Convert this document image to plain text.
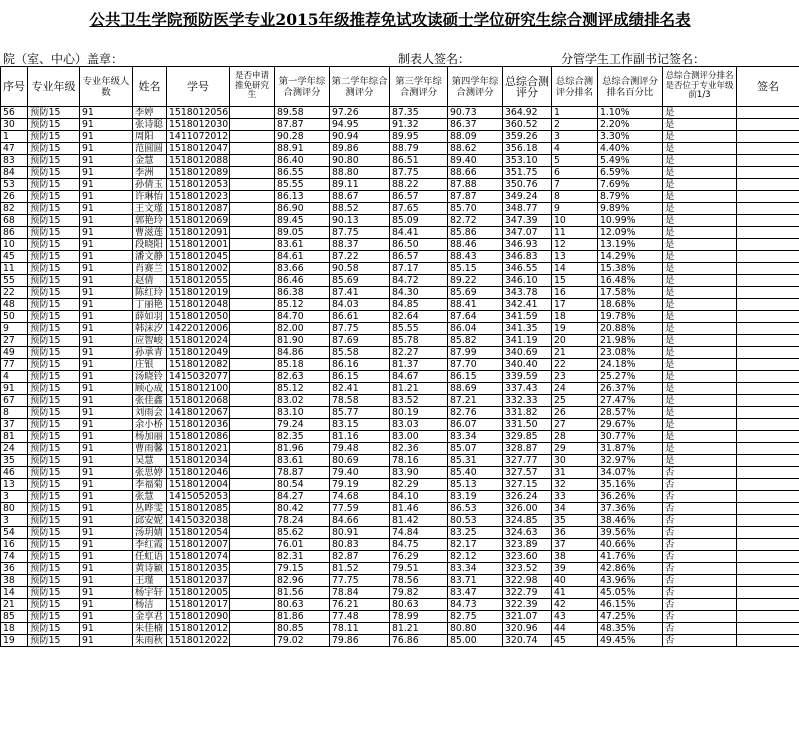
公共卫生学院预防医学专业2015年级推荐免试攻读硕士学位研究生综合测评成绩排名表
院（室、中心）盖章：	制表人签名：	分管学生工作副书记签名：
序号	专业年级	专业年级人数	姓名	学号	是否申请推免研究生	第一学年综合测评分	第二学年综合测评分	第三学年综合测评分	第四学年综合测评分	总综合测评分	总综合测评分排名	总综合测评分排名百分比	总综合测评分排名是否位于专业年级前1/3	签名
56	预防15	91	李婷	1518012056		89.58	97.26	87.35	90.73	364.92	1	1.10%	是	
30	预防15	91	张诗聪	1518012030		87.87	94.95	91.32	86.37	360.52	2	2.20%	是	
1	预防15	91	周阳	1411072012		90.28	90.94	89.95	88.09	359.26	3	3.30%	是	
47	预防15	91	范圆圆	1518012047		88.91	89.86	88.79	88.62	356.18	4	4.40%	是	
83	预防15	91	金慧	1518012088		86.40	90.80	86.51	89.40	353.10	5	5.49%	是	
84	预防15	91	李洲	1518012089		86.55	88.80	87.75	88.66	351.75	6	6.59%	是	
53	预防15	91	孙倩玉	1518012053		85.55	89.11	88.22	87.88	350.76	7	7.69%	是	
26	预防15	91	许琳怡	1518012023		86.13	88.67	86.57	87.87	349.24	8	8.79%	是	
82	预防15	91	王文瑾	1518012087		86.90	88.52	87.65	85.70	348.77	9	9.89%	是	
68	预防15	91	郭艳玲	1518012069		89.45	90.13	85.09	82.72	347.39	10	10.99%	是	
86	预防15	91	曹滋莲	1518012091		89.05	87.75	84.41	85.86	347.07	11	12.09%	是	
10	预防15	91	段晓阳	1518012001		83.61	88.37	86.50	88.46	346.93	12	13.19%	是	
45	预防15	91	潘文静	1518012045		84.61	87.22	86.57	88.43	346.83	13	14.29%	是	
11	预防15	91	肖赛兰	1518012002		83.66	90.58	87.17	85.15	346.55	14	15.38%	是	
55	预防15	91	赵倩	1518012055		86.46	85.69	84.72	89.22	346.10	15	16.48%	是	
22	预防15	91	陈红玲	1518012019		86.38	87.41	84.30	85.69	343.78	16	17.58%	是	
48	预防15	91	丁丽艳	1518012048		85.12	84.03	84.85	88.41	342.41	17	18.68%	是	
50	预防15	91	薛如羽	1518012050		84.70	86.61	82.64	87.64	341.59	18	19.78%	是	
9	预防15	91	韩沫汐	1422012006		82.00	87.75	85.55	86.04	341.35	19	20.88%	是	
27	预防15	91	应智峻	1518012024		81.90	87.69	85.78	85.82	341.19	20	21.98%	是	
49	预防15	91	孙承青	1518012049		84.86	85.58	82.27	87.99	340.69	21	23.08%	是	
77	预防15	91	庄银	1518012082		85.18	86.16	81.37	87.70	340.40	22	24.18%	是	
4	预防15	91	汤晓铃	1415032077		82.63	86.15	84.67	86.15	339.59	23	25.27%	是	
91	预防15	91	顾心成	1518012100		85.12	82.41	81.21	88.69	337.43	24	26.37%	是	
67	预防15	91	张佳鑫	1518012068		83.02	78.58	83.52	87.21	332.33	25	27.47%	是	
8	预防15	91	刘雨会	1418012067		83.10	85.77	80.19	82.76	331.82	26	28.57%	是	
37	预防15	91	余小桥	1518012036		79.24	83.15	83.03	86.07	331.50	27	29.67%	是	
81	预防15	91	杨加丽	1518012086		82.35	81.16	83.00	83.34	329.85	28	30.77%	是	
24	预防15	91	曹雨馨	1518012021		81.96	79.48	82.36	85.07	328.87	29	31.87%	是	
35	预防15	91	吴慧	1518012034		83.61	80.69	78.16	85.31	327.77	30	32.97%	是	
46	预防15	91	张思婷	1518012046		78.87	79.40	83.90	85.40	327.57	31	34.07%	否	
13	预防15	91	李福菊	1518012004		80.54	79.19	82.29	85.13	327.15	32	35.16%	否	
3	预防15	91	张慧	1415052053		84.27	74.68	84.10	83.19	326.24	33	36.26%	否	
80	预防15	91	丛晔雯	1518012085		80.42	77.59	81.46	86.53	326.00	34	37.36%	否	
3	预防15	91	邱安妮	1415032038		78.24	84.66	81.42	80.53	324.85	35	38.46%	否	
54	预防15	91	汤玥婧	1518012054		85.62	80.91	74.84	83.25	324.63	36	39.56%	否	
16	预防15	91	李红霞	1518012007		76.01	80.83	84.75	82.17	323.89	37	40.66%	否	
74	预防15	91	任虹语	1518012074		82.31	82.87	76.29	82.12	323.60	38	41.76%	否	
36	预防15	91	黄诗颖	1518012035		79.15	81.52	79.51	83.34	323.52	39	42.86%	否	
38	预防15	91	王瑾	1518012037		82.96	77.75	78.56	83.71	322.98	40	43.96%	否	
14	预防15	91	杨宇轩	1518012005		81.56	78.84	79.82	83.47	322.79	41	45.05%	否	
21	预防15	91	杨洁	1518012017		80.63	76.21	80.63	84.73	322.39	42	46.15%	否	
85	预防15	91	金享君	1518012090		81.86	77.48	78.99	82.75	321.07	43	47.25%	否	
18	预防15	91	朱佳楠	1518012012		80.85	78.11	81.21	80.80	320.96	44	48.35%	否	
19	预防15	91	朱雨秋	1518012022		79.02	79.86	76.86	85.00	320.74	45	49.45%	否	
